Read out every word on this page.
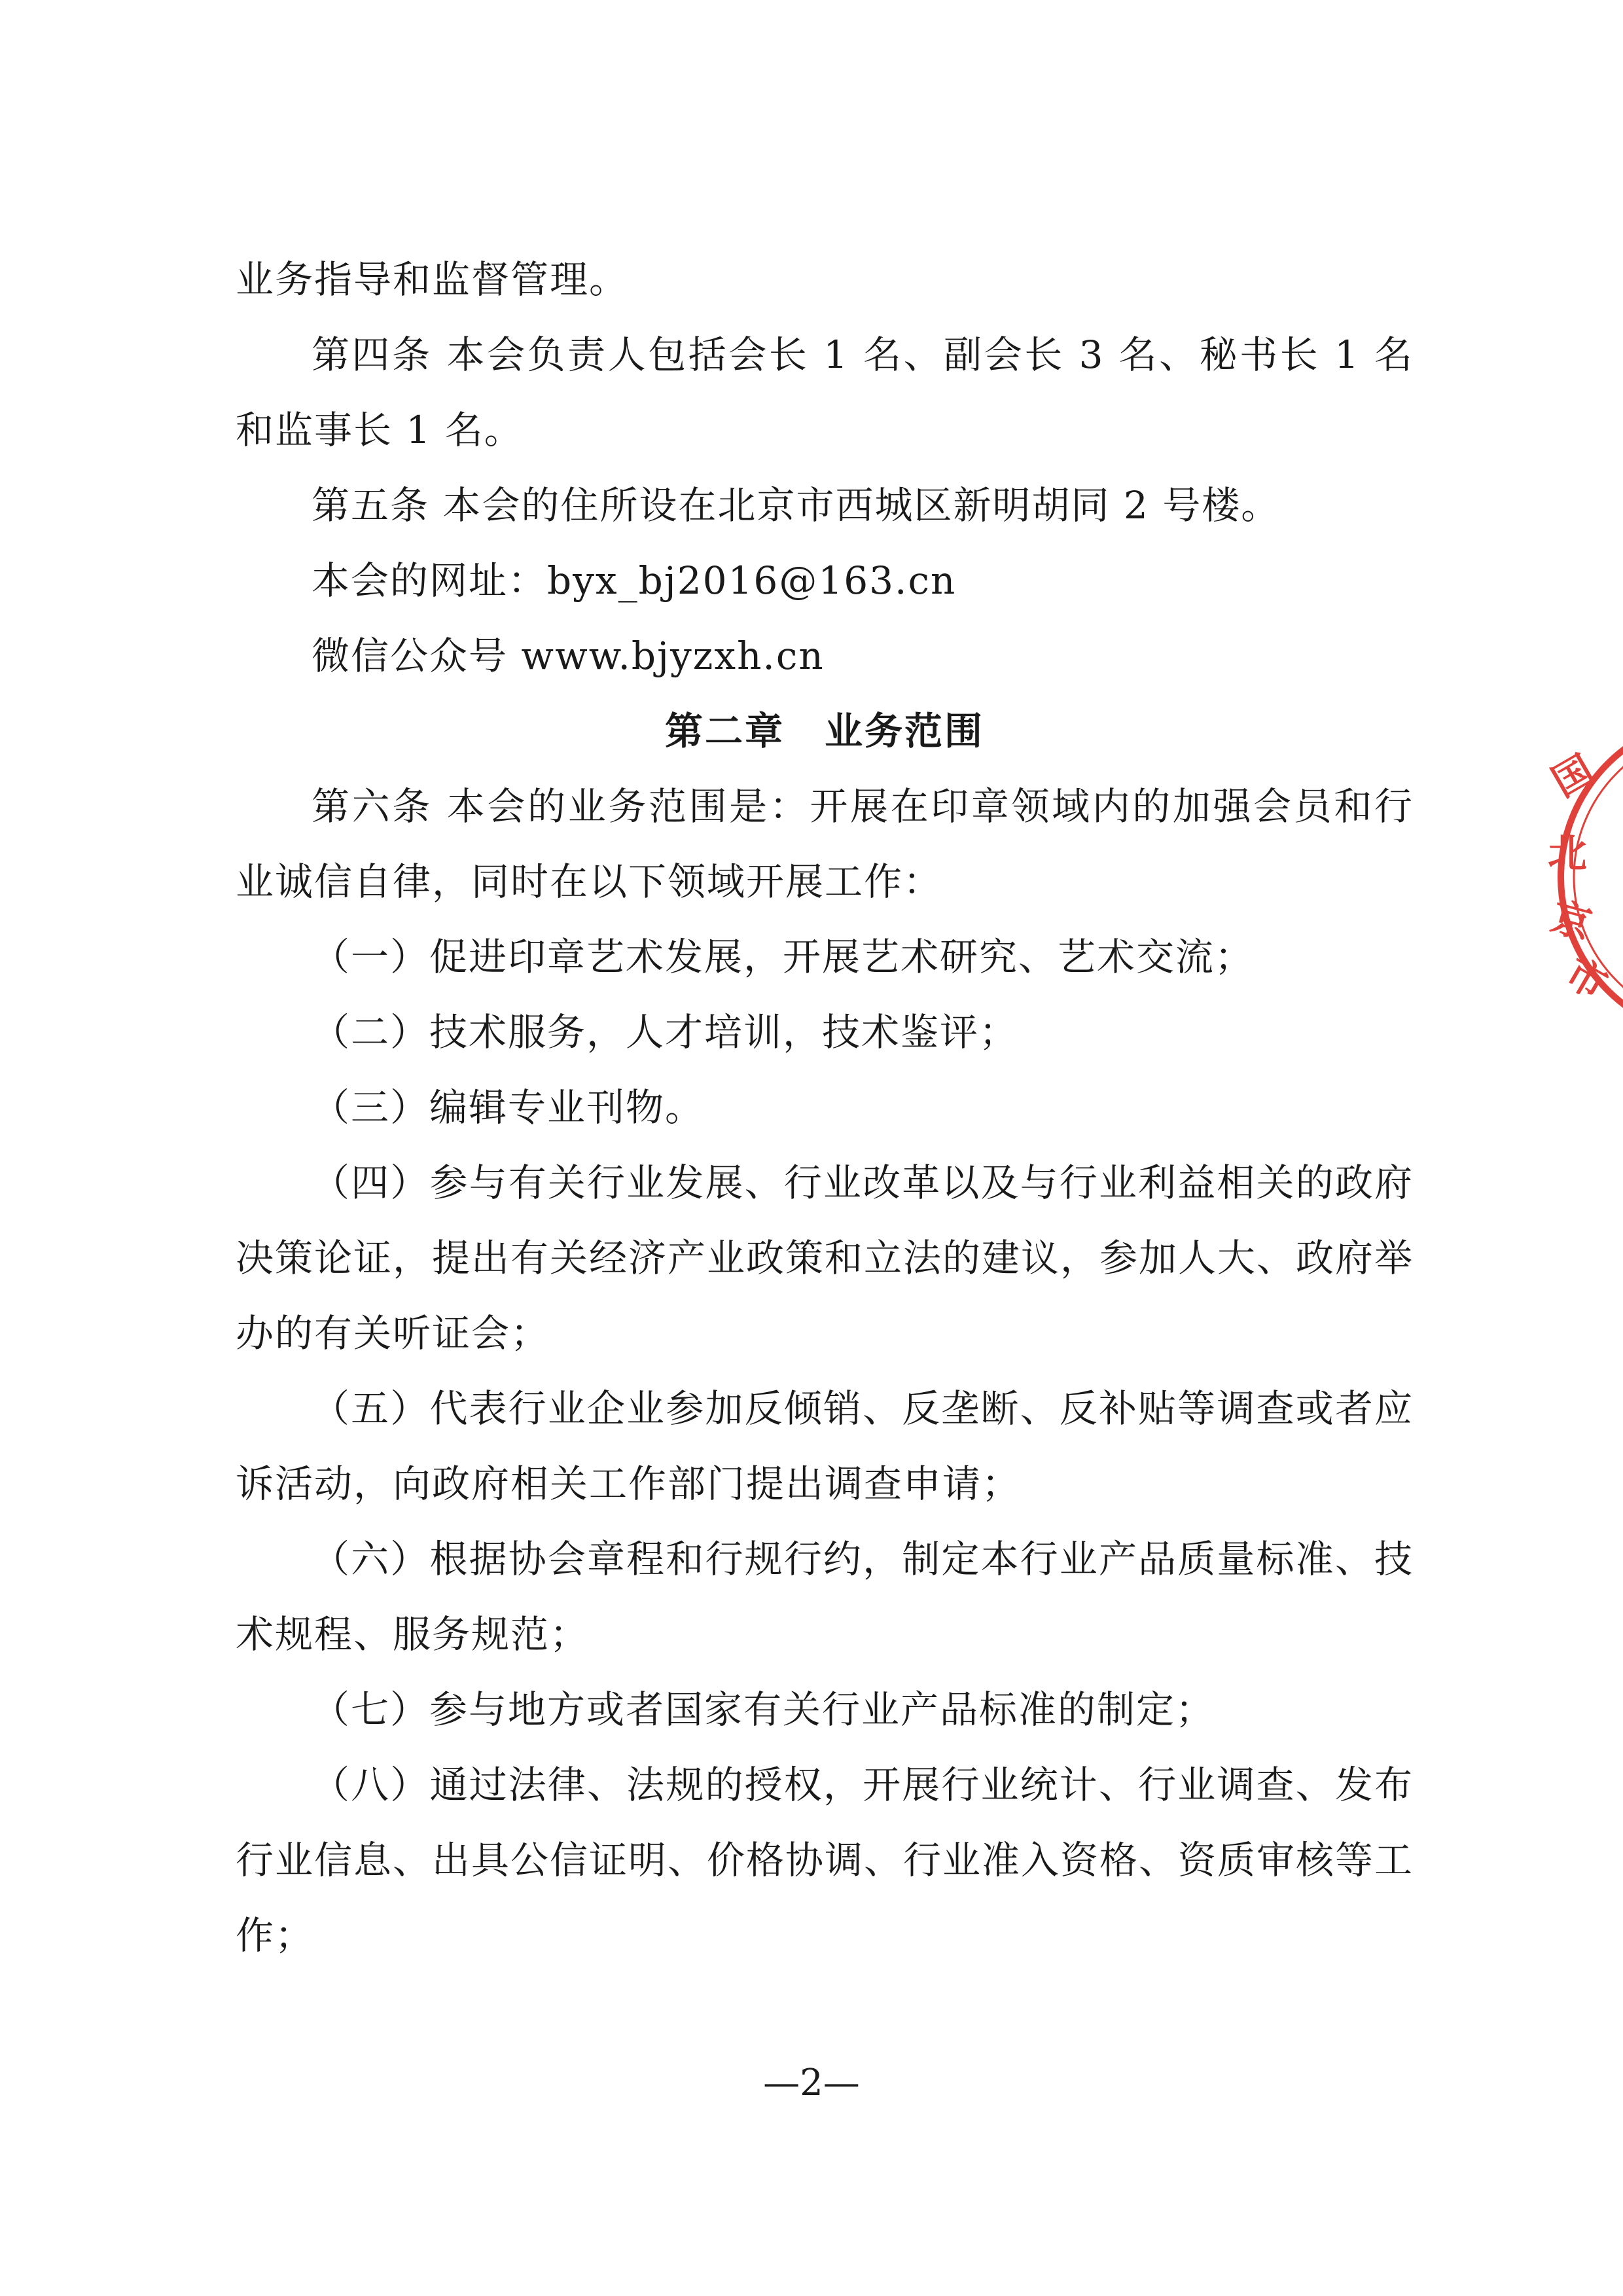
业务指导和监督管理。

第四条 本会负责人包括会长 1 名、副会长 3 名、秘书长 1 名和监事长 1 名。

第五条 本会的住所设在北京市西城区新明胡同 2 号楼。

本会的网址：byx_bj2016@163.cn

微信公众号 www.bjyzxh.cn

第二章　业务范围

第六条 本会的业务范围是：开展在印章领域内的加强会员和行业诚信自律，同时在以下领域开展工作：

（一）促进印章艺术发展，开展艺术研究、艺术交流；

（二）技术服务，人才培训，技术鉴评；

（三）编辑专业刊物。

（四）参与有关行业发展、行业改革以及与行业利益相关的政府决策论证，提出有关经济产业政策和立法的建议，参加人大、政府举办的有关听证会；

（五）代表行业企业参加反倾销、反垄断、反补贴等调查或者应诉活动，向政府相关工作部门提出调查申请；

（六）根据协会章程和行规行约，制定本行业产品质量标准、技术规程、服务规范；

（七）参与地方或者国家有关行业产品标准的制定；

（八）通过法律、法规的授权，开展行业统计、行业调查、发布行业信息、出具公信证明、价格协调、行业准入资格、资质审核等工作；

国
北
京
市
—2—
